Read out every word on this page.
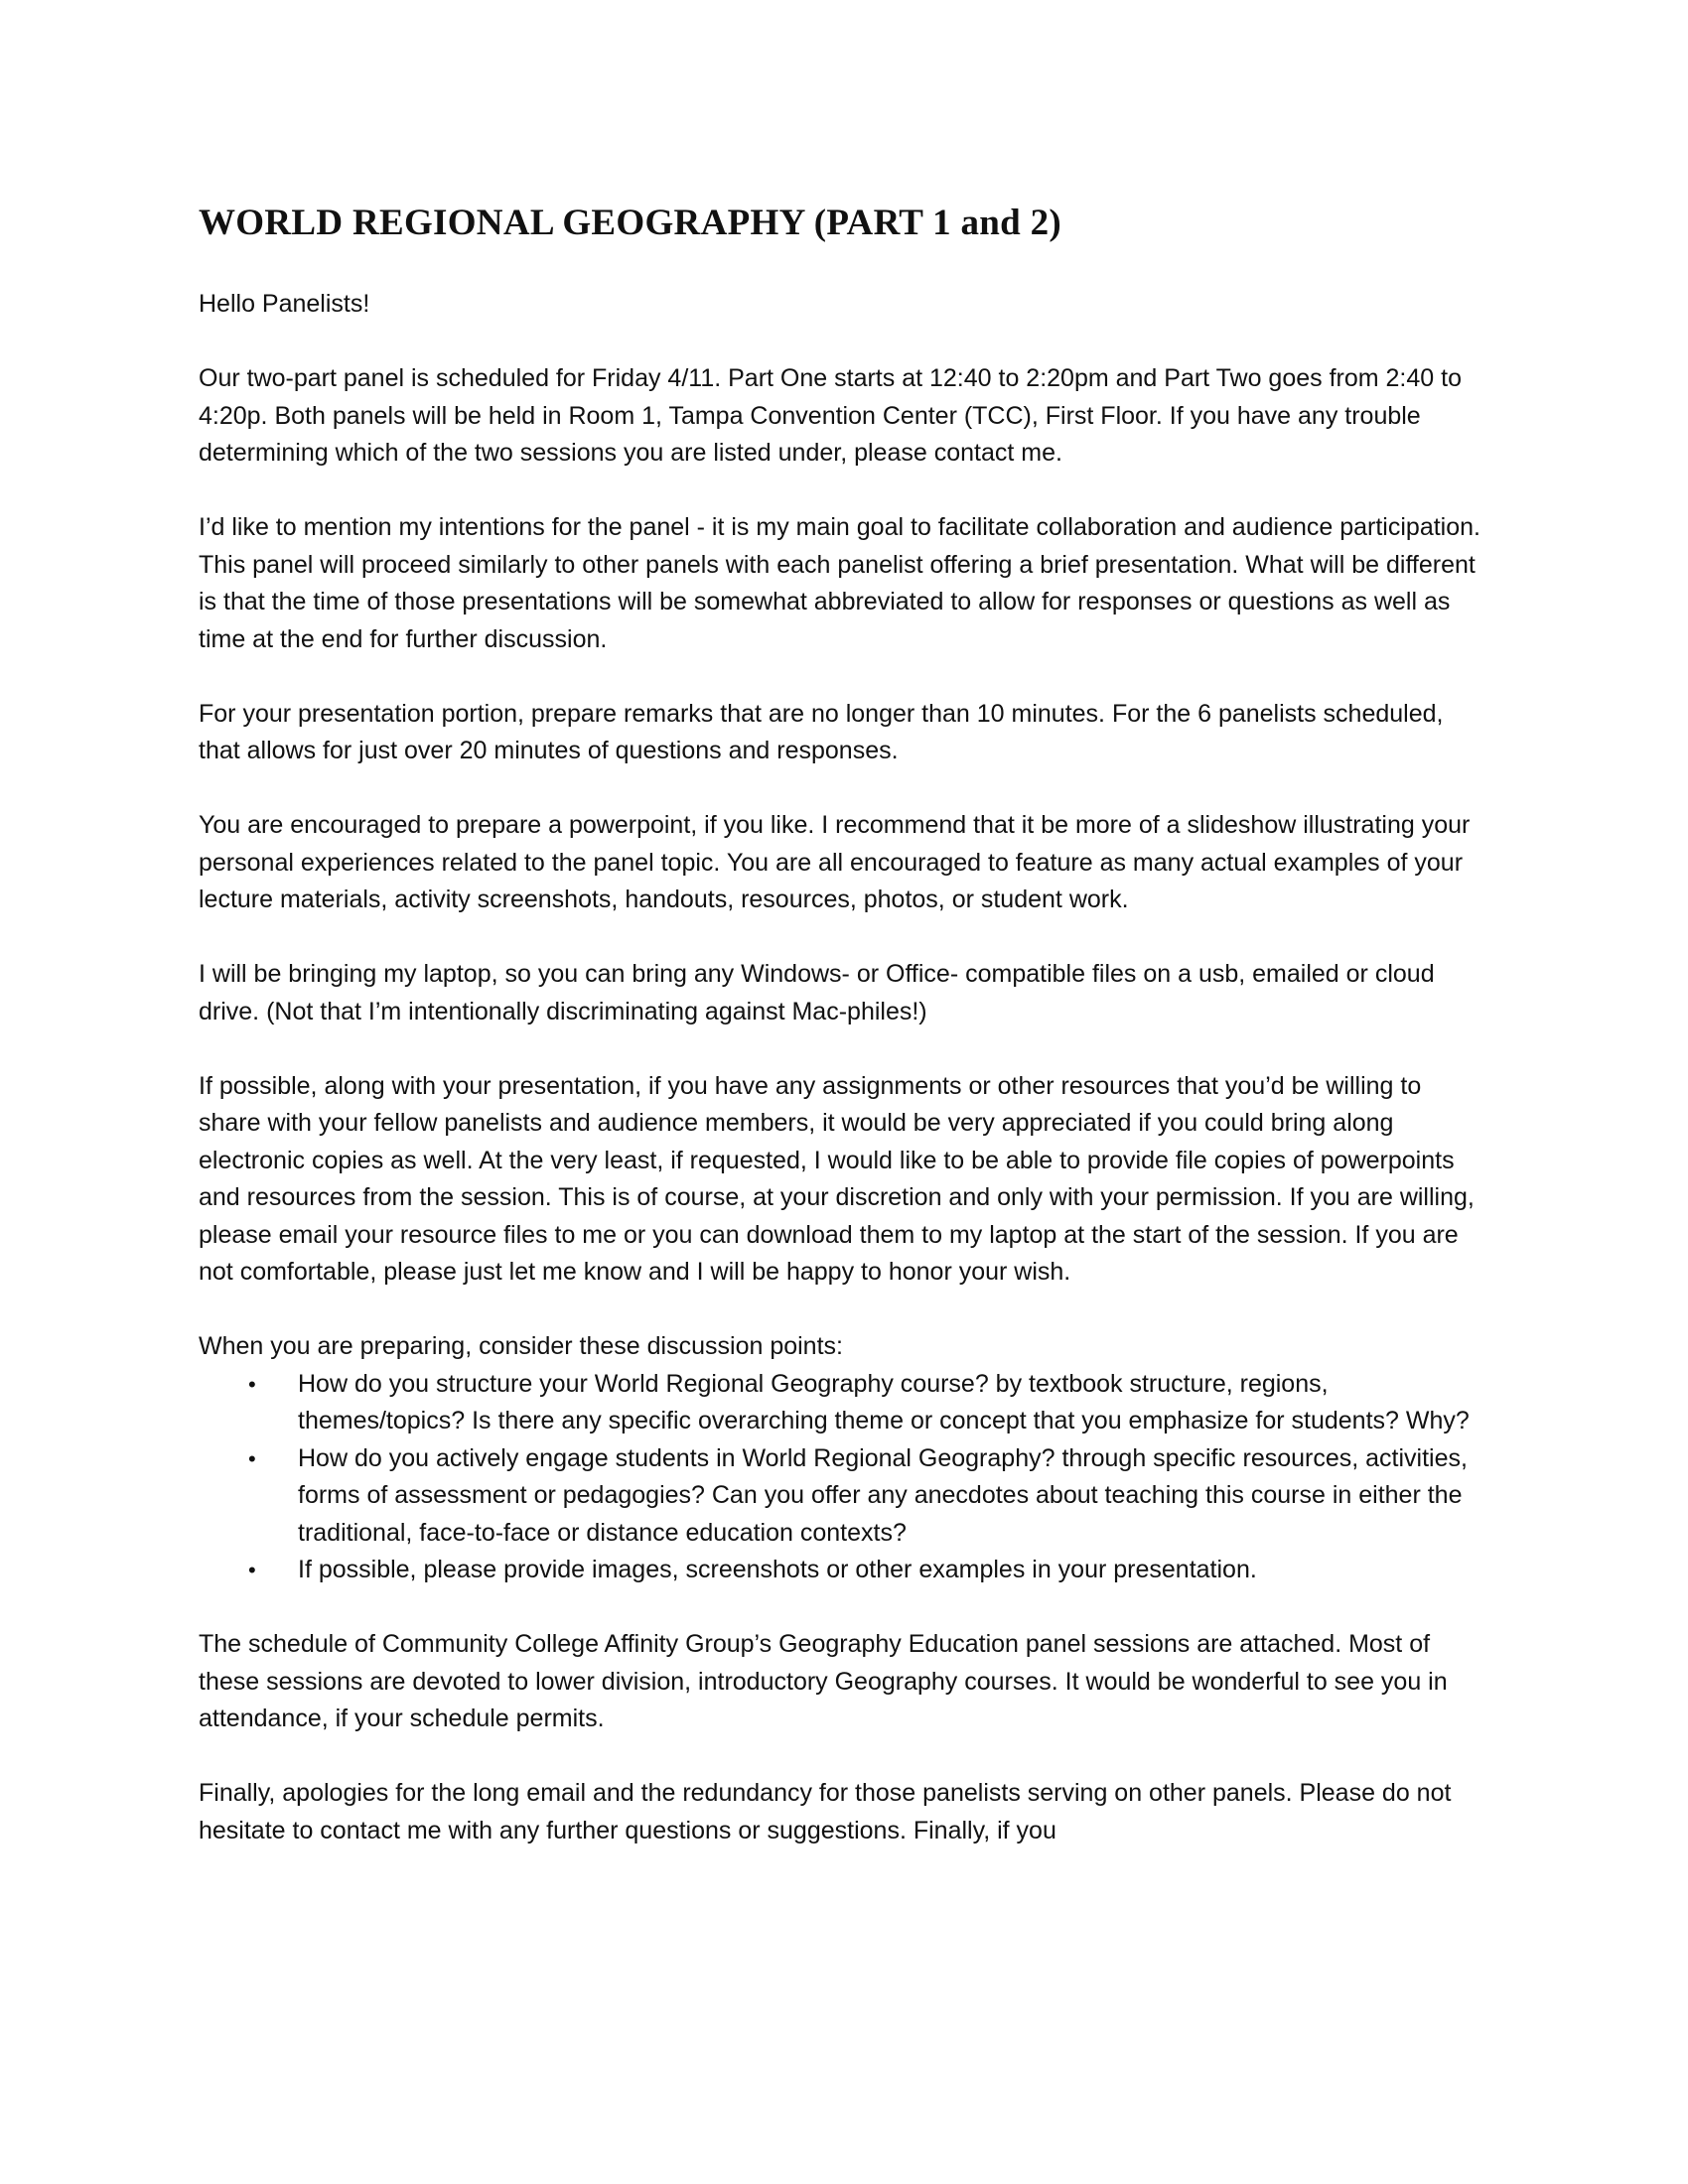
WORLD REGIONAL GEOGRAPHY (PART 1 and 2)

Hello Panelists!

Our two-part panel is scheduled for Friday 4/11. Part One starts at 12:40 to 2:20pm and Part Two goes from 2:40 to 4:20p. Both panels will be held in Room 1, Tampa Convention Center (TCC), First Floor. If you have any trouble determining which of the two sessions you are listed under, please contact me.

I’d like to mention my intentions for the panel - it is my main goal to facilitate collaboration and audience participation. This panel will proceed similarly to other panels with each panelist offering a brief presentation. What will be different is that the time of those presentations will be somewhat abbreviated to allow for responses or questions as well as time at the end for further discussion.

For your presentation portion, prepare remarks that are no longer than 10 minutes. For the 6 panelists scheduled, that allows for just over 20 minutes of questions and responses.

You are encouraged to prepare a powerpoint, if you like. I recommend that it be more of a slideshow illustrating your personal experiences related to the panel topic. You are all encouraged to feature as many actual examples of your lecture materials, activity screenshots, handouts, resources, photos, or student work.

I will be bringing my laptop, so you can bring any Windows- or Office- compatible files on a usb, emailed or cloud drive. (Not that I’m intentionally discriminating against Mac-philes!)

If possible, along with your presentation, if you have any assignments or other resources that you’d be willing to share with your fellow panelists and audience members, it would be very appreciated if you could bring along electronic copies as well. At the very least, if requested, I would like to be able to provide file copies of powerpoints and resources from the session. This is of course, at your discretion and only with your permission. If you are willing, please email your resource files to me or you can download them to my laptop at the start of the session. If you are not comfortable, please just let me know and I will be happy to honor your wish.

When you are preparing, consider these discussion points:

• How do you structure your World Regional Geography course? by textbook structure, regions, themes/topics? Is there any specific overarching theme or concept that you emphasize for students? Why?
• How do you actively engage students in World Regional Geography? through specific resources, activities, forms of assessment or pedagogies? Can you offer any anecdotes about teaching this course in either the traditional, face-to-face or distance education contexts?
• If possible, please provide images, screenshots or other examples in your presentation.

The schedule of Community College Affinity Group’s Geography Education panel sessions are attached. Most of these sessions are devoted to lower division, introductory Geography courses. It would be wonderful to see you in attendance, if your schedule permits.

Finally, apologies for the long email and the redundancy for those panelists serving on other panels. Please do not hesitate to contact me with any further questions or suggestions. Finally, if you
